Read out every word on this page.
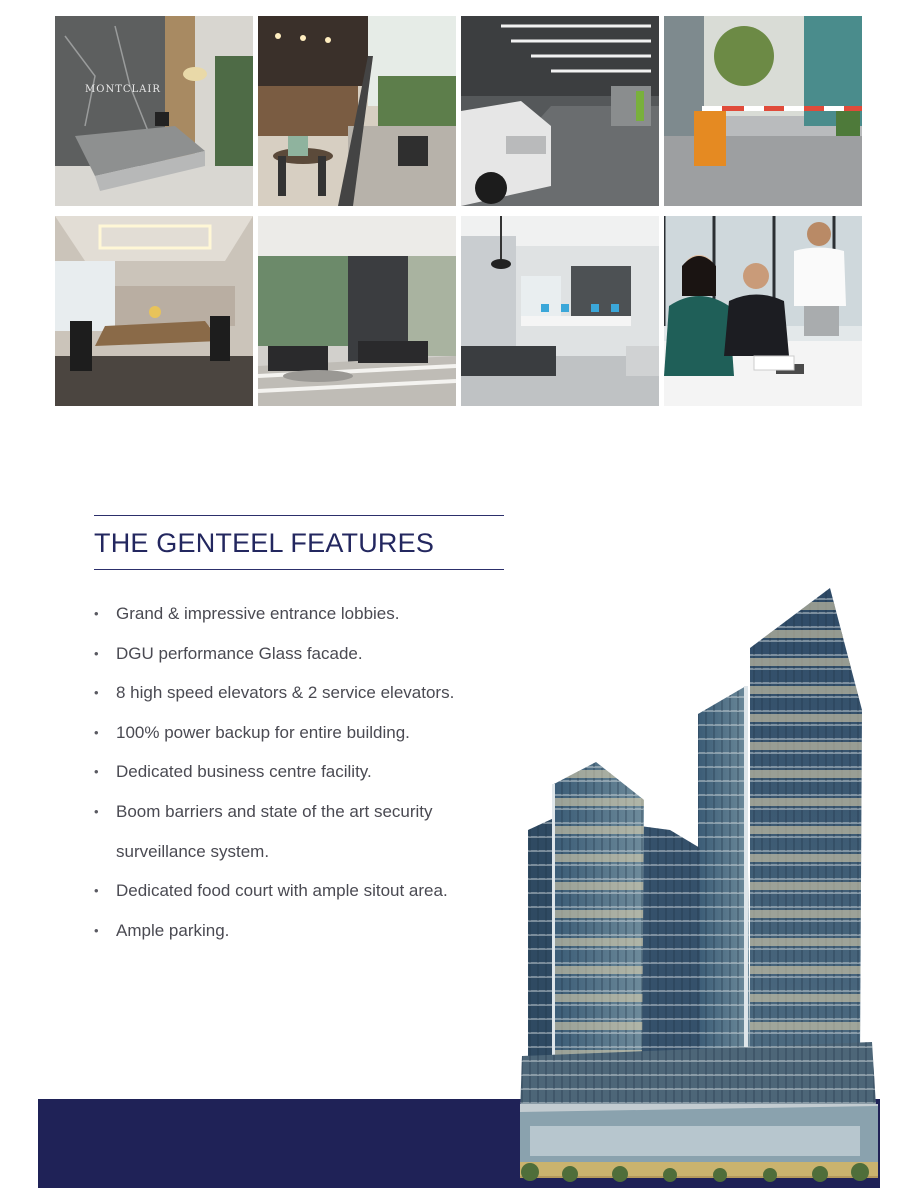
MONTCLAIR
THE GENTEEL FEATURES
• Grand & impressive entrance lobbies.
• DGU performance Glass facade.
• 8 high speed elevators & 2 service elevators.
• 100% power backup for entire building.
• Dedicated business centre facility.
• Boom barriers and state of the art security surveillance system.
• Dedicated food court with ample sitout area.
• Ample parking.
